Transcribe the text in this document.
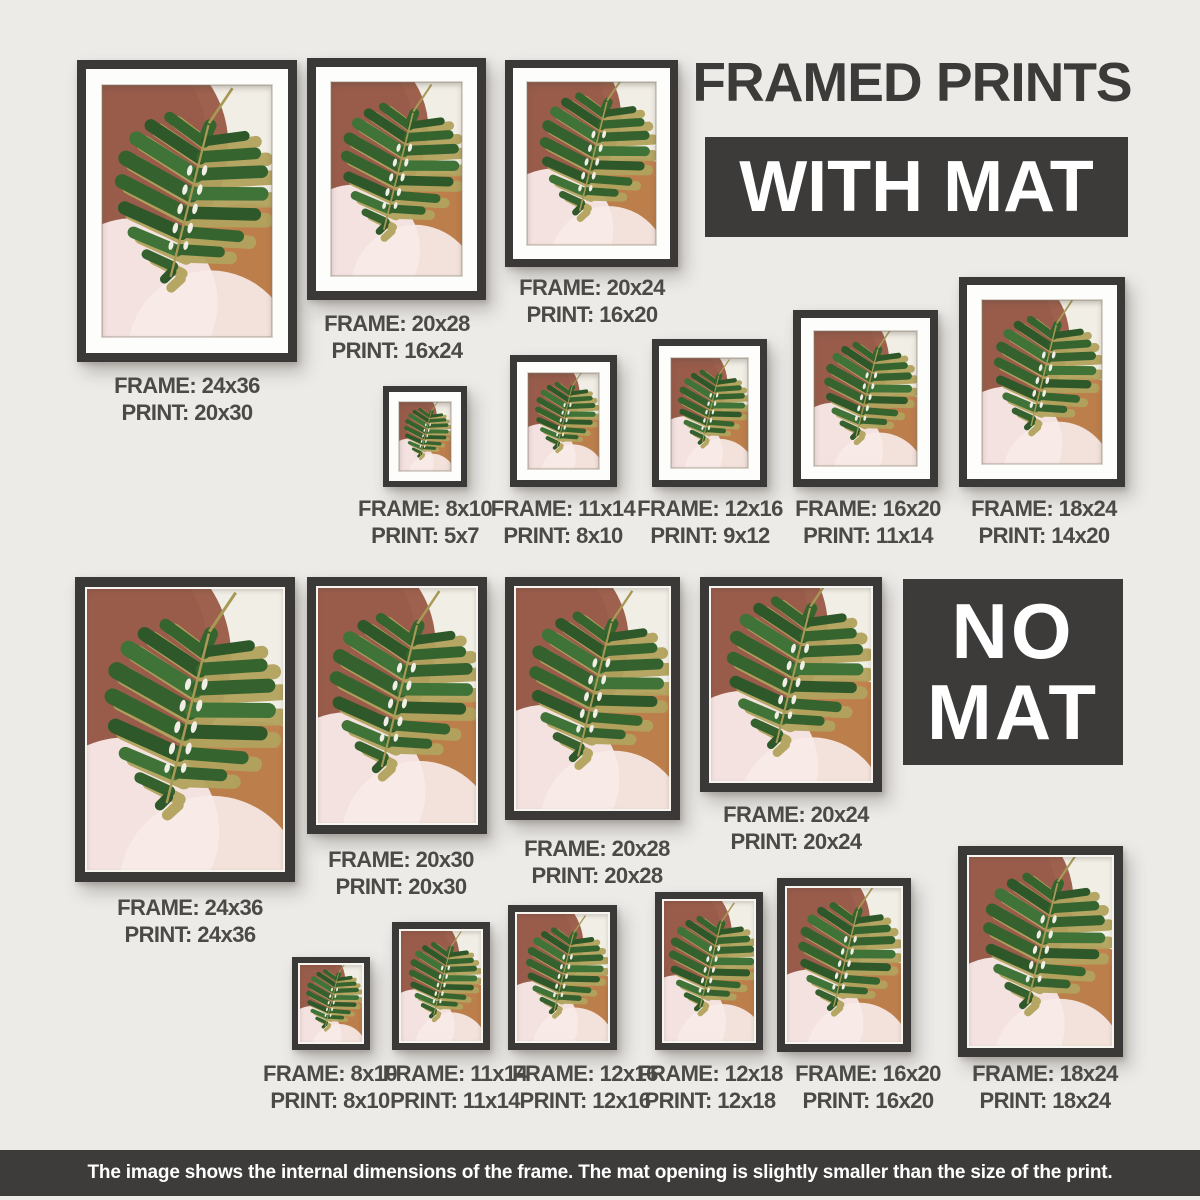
FRAMED PRINTS
WITH MAT
NO
MAT

FRAME: 24x36

PRINT: 20x30

FRAME: 20x28

PRINT: 16x24

FRAME: 20x24

PRINT: 16x20

FRAME: 8x10

PRINT: 5x7

FRAME: 11x14

PRINT: 8x10

FRAME: 12x16

PRINT: 9x12

FRAME: 16x20

PRINT: 11x14

FRAME: 18x24

PRINT: 14x20

FRAME: 24x36

PRINT: 24x36

FRAME: 20x30

PRINT: 20x30

FRAME: 20x28

PRINT: 20x28

FRAME: 20x24

PRINT: 20x24

FRAME: 8x10

PRINT: 8x10

FRAME: 11x14

PRINT: 11x14

FRAME: 12x16

PRINT: 12x16

FRAME: 12x18

PRINT: 12x18

FRAME: 16x20

PRINT: 16x20

FRAME: 18x24

PRINT: 18x24

The image shows the internal dimensions of the frame. The mat opening is slightly smaller than the size of the print.
